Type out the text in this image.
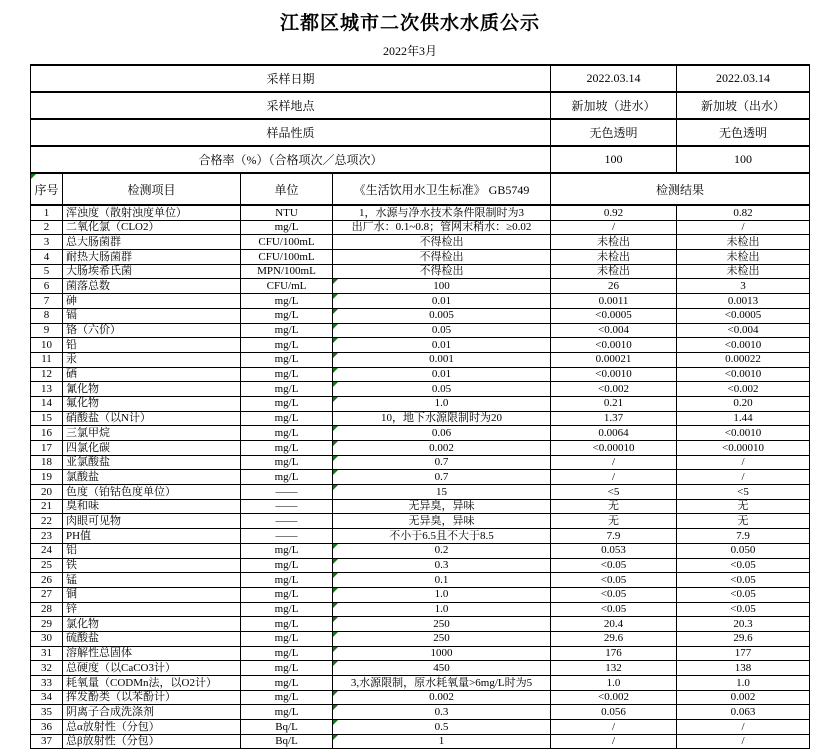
江都区城市二次供水水质公示
2022年3月
采样日期				2022.03.14	2022.03.14
采样地点				新加坡（进水）	新加坡（出水）
样品性质				无色透明	无色透明
合格率（%）（合格项次／总项次）				100	100

序号	检测项目	单位	《生活饮用水卫生标准》 GB5749	检测结果	
1	浑浊度（散射浊度单位）	NTU	1，水源与净水技术条件限制时为3	0.92	0.82
2	二氧化氯（CLO2）	mg/L	出厂水：0.1~0.8；管网末稍水：≥0.02	/	/
3	总大肠菌群	CFU/100mL	不得检出	未检出	未检出
4	耐热大肠菌群	CFU/100mL	不得检出	未检出	未检出
5	大肠埃希氏菌	MPN/100mL	不得检出	未检出	未检出
6	菌落总数	CFU/mL	100	26	3
7	砷	mg/L	0.01	0.0011	0.0013
8	镉	mg/L	0.005	<0.0005	<0.0005
9	铬（六价）	mg/L	0.05	<0.004	<0.004
10	铅	mg/L	0.01	<0.0010	<0.0010
11	汞	mg/L	0.001	0.00021	0.00022
12	硒	mg/L	0.01	<0.0010	<0.0010
13	氰化物	mg/L	0.05	<0.002	<0.002
14	氟化物	mg/L	1.0	0.21	0.20
15	硝酸盐（以N计）	mg/L	10，地下水源限制时为20	1.37	1.44
16	三氯甲烷	mg/L	0.06	0.0064	<0.0010
17	四氯化碳	mg/L	0.002	<0.00010	<0.00010
18	亚氯酸盐	mg/L	0.7	/	/
19	氯酸盐	mg/L	0.7	/	/
20	色度（铂钴色度单位）	——	15	<5	<5
21	臭和味	——	无异臭，异味	无	无
22	肉眼可见物	——	无异臭，异味	无	无
23	PH值	——	不小于6.5且不大于8.5	7.9	7.9
24	铝	mg/L	0.2	0.053	0.050
25	铁	mg/L	0.3	<0.05	<0.05
26	锰	mg/L	0.1	<0.05	<0.05
27	铜	mg/L	1.0	<0.05	<0.05
28	锌	mg/L	1.0	<0.05	<0.05
29	氯化物	mg/L	250	20.4	20.3
30	硫酸盐	mg/L	250	29.6	29.6
31	溶解性总固体	mg/L	1000	176	177
32	总硬度（以CaCO3计）	mg/L	450	132	138
33	耗氧量（CODMn法，以O2计）	mg/L	3,水源限制，原水耗氧量>6mg/L时为5	1.0	1.0
34	挥发酚类（以苯酚计）	mg/L	0.002	<0.002	0.002
35	阴离子合成洗涤剂	mg/L	0.3	0.056	0.063
36	总α放射性（分包）	Bq/L	0.5	/	/
37	总β放射性（分包）	Bq/L	1	/	/
